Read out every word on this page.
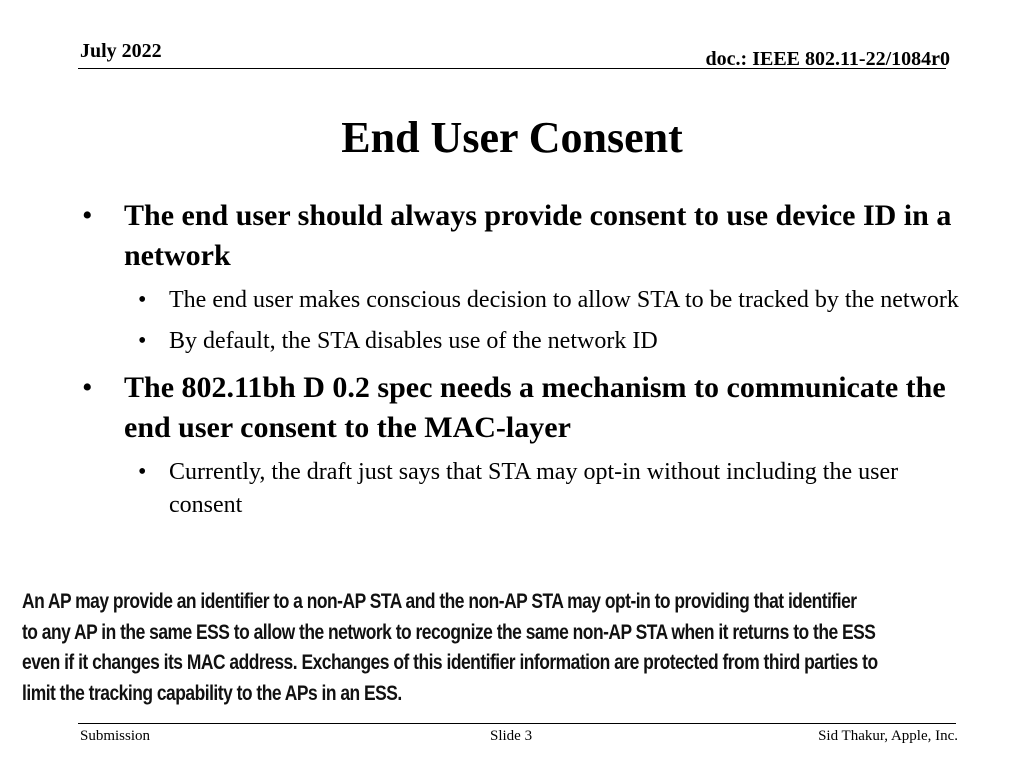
July 2022	doc.: IEEE 802.11-22/1084r0
End User Consent
• The end user should always provide consent to use device ID in a network
• The end user makes conscious decision to allow STA to be tracked by the network
• By default, the STA disables use of the network ID
• The 802.11bh D 0.2 spec needs a mechanism to communicate the end user consent to the MAC-layer
• Currently, the draft just says that STA may opt-in without including the user consent
An AP may provide an identifier to a non-AP STA and the non-AP STA may opt-in to providing that identifier
to any AP in the same ESS to allow the network to recognize the same non-AP STA when it returns to the ESS
even if it changes its MAC address. Exchanges of this identifier information are protected from third parties to
limit the tracking capability to the APs in an ESS.
Submission	Slide 3	Sid Thakur, Apple, Inc.
